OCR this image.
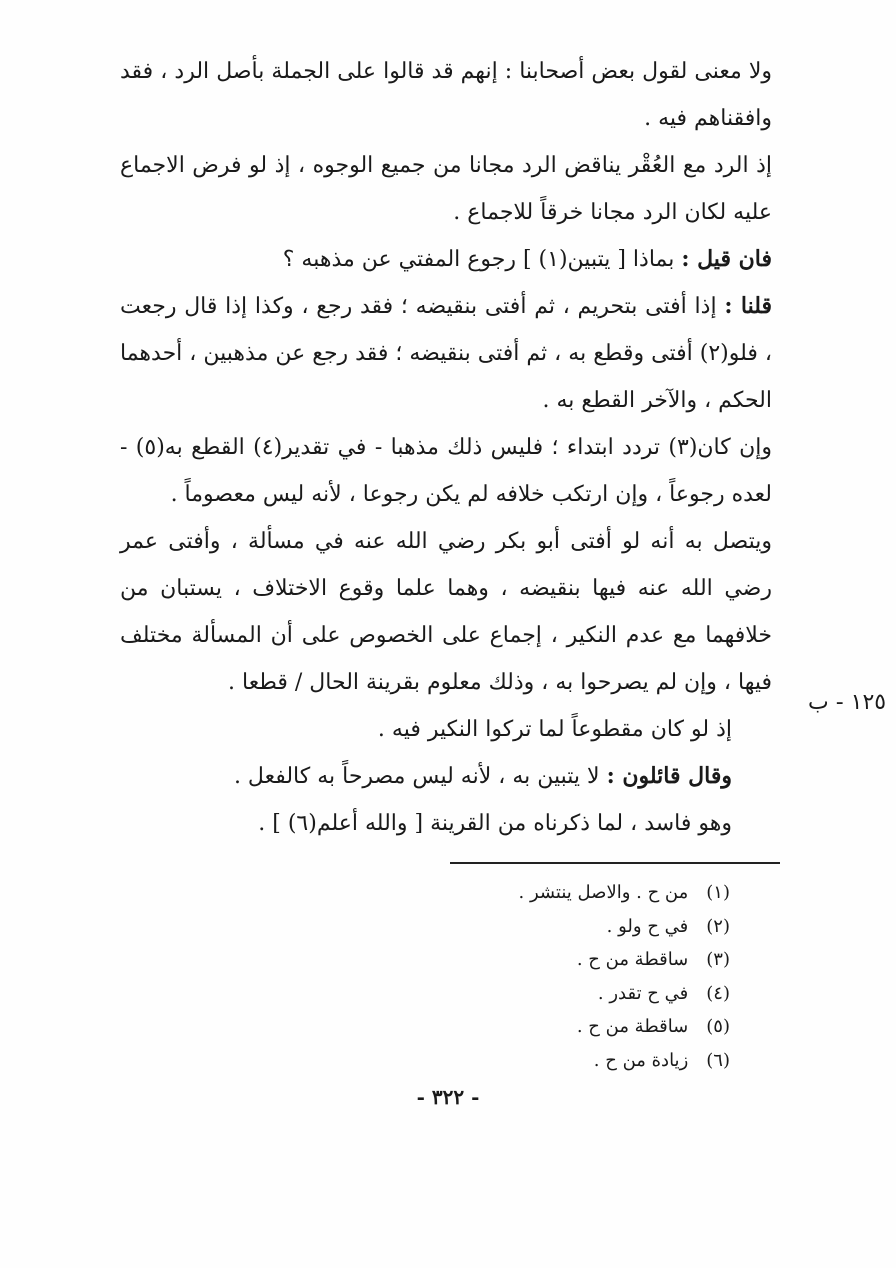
ولا معنى لقول بعض أصحابنا : إنهم قد قالوا على الجملة بأصل الرد ، فقد وافقناهم فيه .

إذ الرد مع العُقْر يناقض الرد مجانا من جميع الوجوه ، إذ لو فرض الاجماع عليه لكان الرد مجانا خرقاً للاجماع .

فان قيل : بماذا [ يتبين(١) ] رجوع المفتي عن مذهبه ؟

قلنا : إذا أفتى بتحريم ، ثم أفتى بنقيضه ؛ فقد رجع ، وكذا إذا قال رجعت ، فلو(٢) أفتى وقطع به ، ثم أفتى بنقيضه ؛ فقد رجع عن مذهبين ، أحدهما الحكم ، والآخر القطع به .

وإن كان(٣) تردد ابتداء ؛ فليس ذلك مذهبا - في تقدير(٤) القطع به(٥) - لعده رجوعاً ، وإن ارتكب خلافه لم يكن رجوعا ، لأنه ليس معصوماً .

ويتصل به أنه لو أفتى أبو بكر رضي الله عنه في مسألة ، وأفتى عمر رضي الله عنه فيها بنقيضه ، وهما علما وقوع الاختلاف ، يستبان من خلافهما مع عدم النكير ، إجماع على الخصوص على أن المسألة مختلف فيها ، وإن لم يصرحوا به ، وذلك معلوم بقرينة الحال / قطعا .

إذ لو كان مقطوعاً لما تركوا النكير فيه .

وقال قائلون : لا يتبين به ، لأنه ليس مصرحاً به كالفعل .

وهو فاسد ، لما ذكرناه من القرينة [ والله أعلم(٦) ] .

١٢٥ - ب
(١) من ح . والاصل ينتشر .
(٢) في ح ولو .
(٣) ساقطة من ح .
(٤) في ح تقدر .
(٥) ساقطة من ح .
(٦) زيادة من ح .
- ٣٢٢ -
